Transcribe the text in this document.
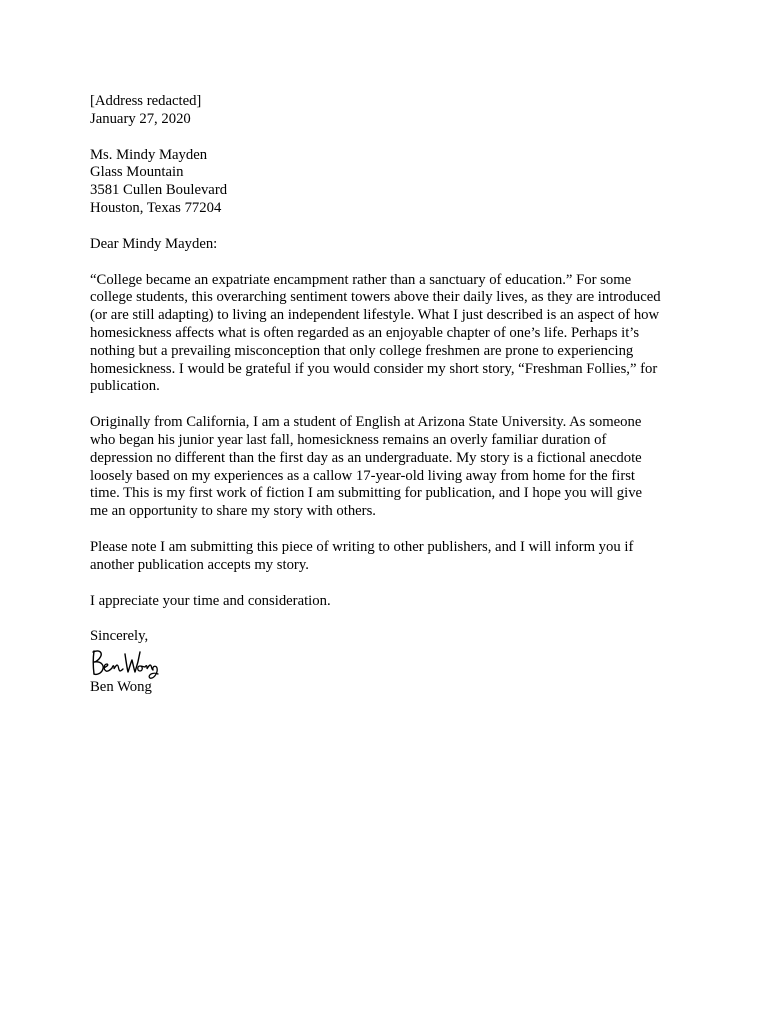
[Address redacted]
January 27, 2020
Ms. Mindy Mayden
Glass Mountain
3581 Cullen Boulevard
Houston, Texas 77204
Dear Mindy Mayden:
“College became an expatriate encampment rather than a sanctuary of education.” For some
college students, this overarching sentiment towers above their daily lives, as they are introduced
(or are still adapting) to living an independent lifestyle. What I just described is an aspect of how
homesickness affects what is often regarded as an enjoyable chapter of one’s life. Perhaps it’s
nothing but a prevailing misconception that only college freshmen are prone to experiencing
homesickness. I would be grateful if you would consider my short story, “Freshman Follies,” for
publication.
Originally from California, I am a student of English at Arizona State University. As someone
who began his junior year last fall, homesickness remains an overly familiar duration of
depression no different than the first day as an undergraduate. My story is a fictional anecdote
loosely based on my experiences as a callow 17-year-old living away from home for the first
time. This is my first work of fiction I am submitting for publication, and I hope you will give
me an opportunity to share my story with others.
Please note I am submitting this piece of writing to other publishers, and I will inform you if
another publication accepts my story.
I appreciate your time and consideration.
Sincerely,
Ben Wong
